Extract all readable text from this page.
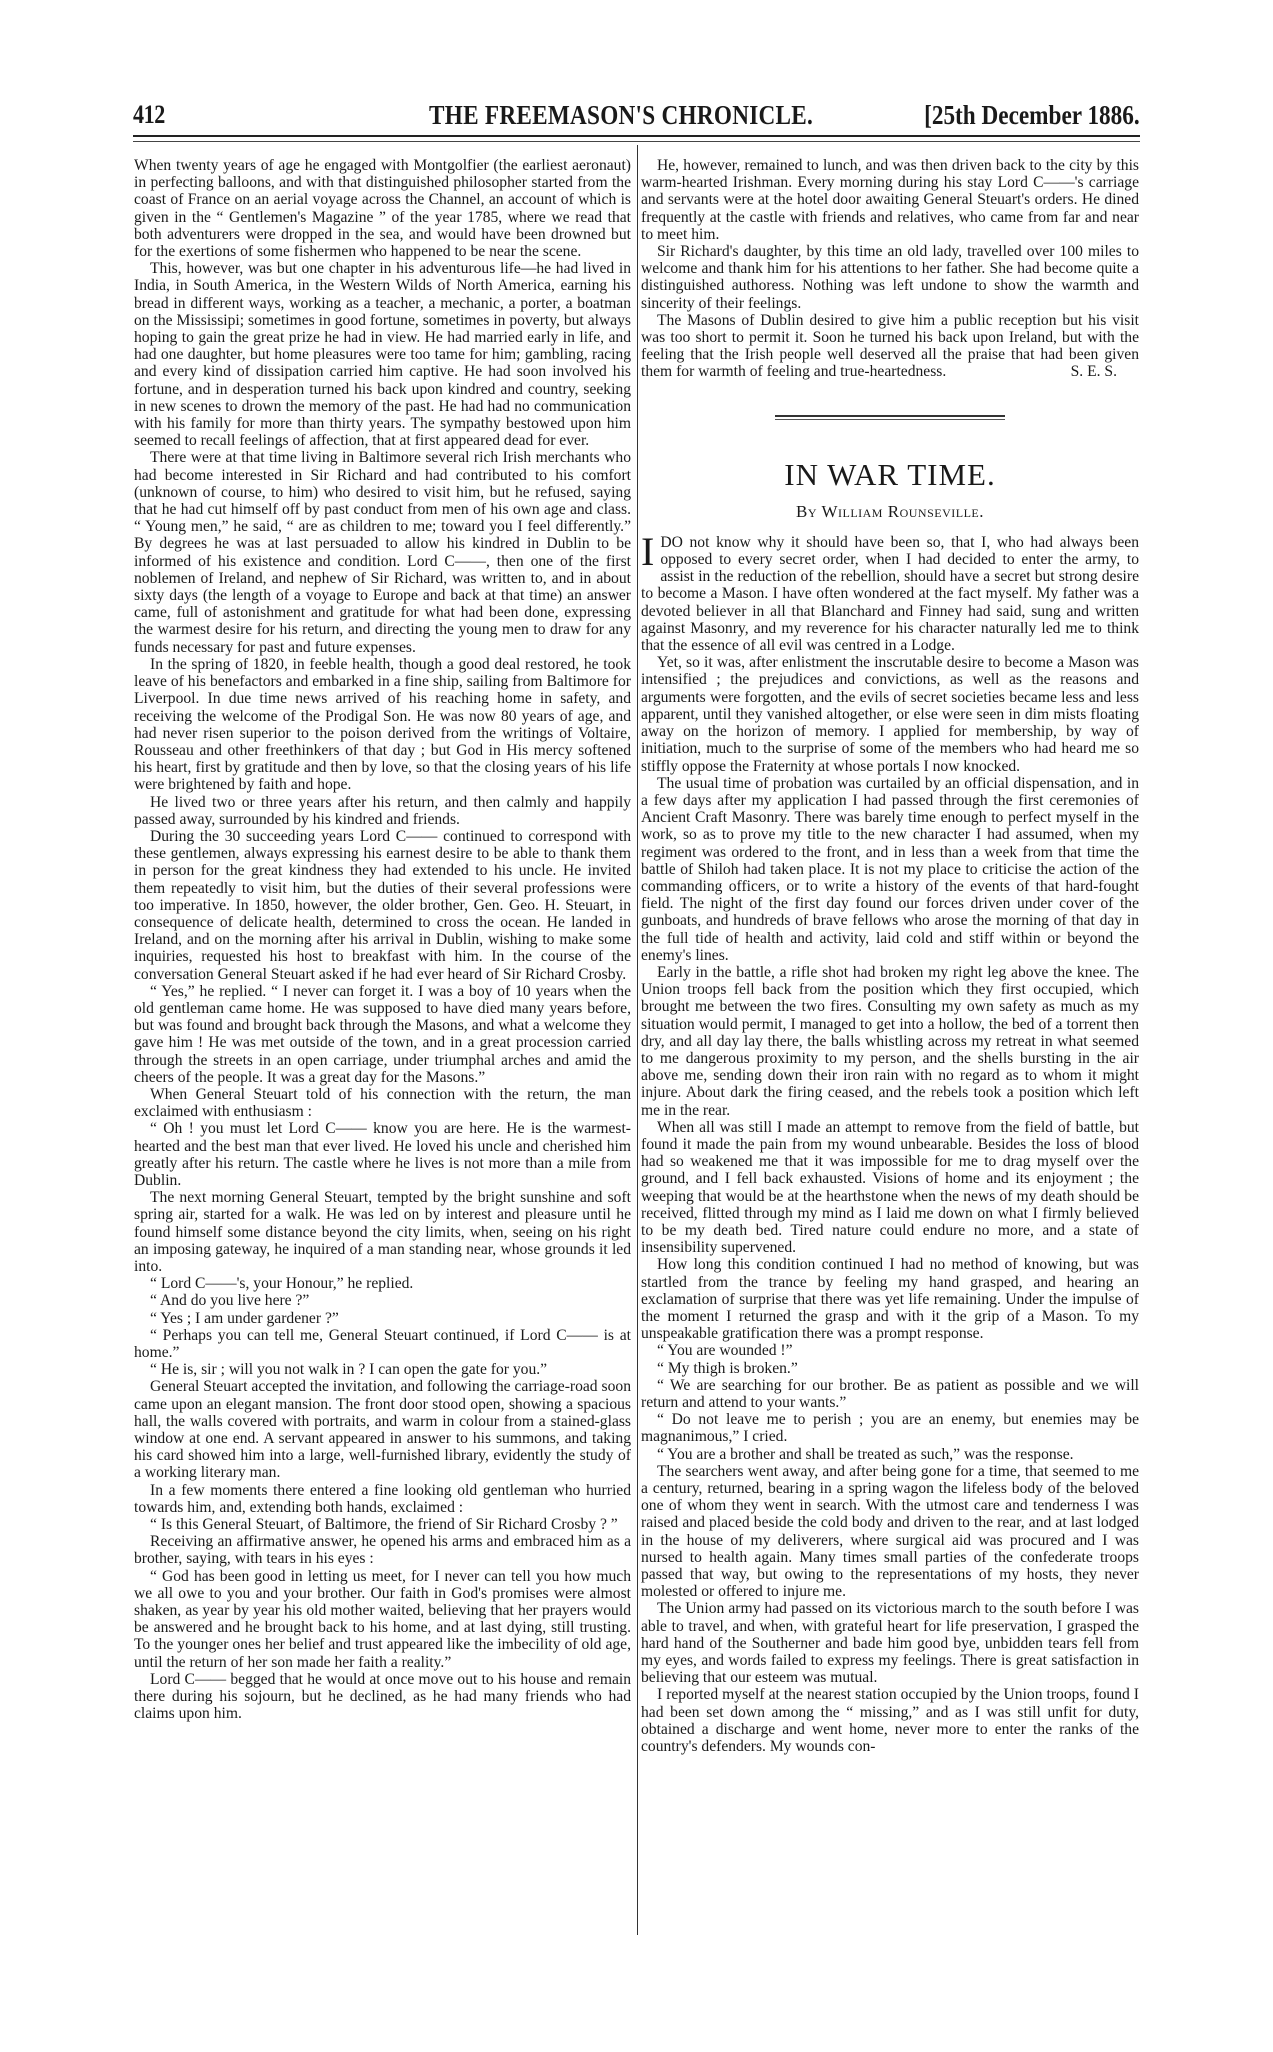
412	THE FREEMASON'S CHRONICLE.	[25th December 1886.

When twenty years of age he engaged with Montgolfier (the earliest aeronaut) in perfecting balloons, and with that distinguished philosopher started from the coast of France on an aerial voyage across the Channel, an account of which is given in the “ Gentlemen's Magazine ” of the year 1785, where we read that both adventurers were dropped in the sea, and would have been drowned but for the exertions of some fishermen who happened to be near the scene.

This, however, was but one chapter in his adventurous life—he had lived in India, in South America, in the Western Wilds of North America, earning his bread in different ways, working as a teacher, a mechanic, a porter, a boatman on the Mississipi; sometimes in good fortune, sometimes in poverty, but always hoping to gain the great prize he had in view. He had married early in life, and had one daughter, but home pleasures were too tame for him; gambling, racing and every kind of dissipation carried him captive. He had soon involved his fortune, and in desperation turned his back upon kindred and country, seeking in new scenes to drown the memory of the past. He had had no communication with his family for more than thirty years. The sympathy bestowed upon him seemed to recall feelings of affection, that at first appeared dead for ever.

There were at that time living in Baltimore several rich Irish merchants who had become interested in Sir Richard and had contributed to his comfort (unknown of course, to him) who desired to visit him, but he refused, saying that he had cut himself off by past conduct from men of his own age and class. “ Young men,” he said, “ are as children to me; toward you I feel differently.” By degrees he was at last persuaded to allow his kindred in Dublin to be informed of his existence and condition. Lord C——, then one of the first noblemen of Ireland, and nephew of Sir Richard, was written to, and in about sixty days (the length of a voyage to Europe and back at that time) an answer came, full of astonishment and gratitude for what had been done, expressing the warmest desire for his return, and directing the young men to draw for any funds necessary for past and future expenses.

In the spring of 1820, in feeble health, though a good deal restored, he took leave of his benefactors and embarked in a fine ship, sailing from Baltimore for Liverpool. In due time news arrived of his reaching home in safety, and receiving the welcome of the Prodigal Son. He was now 80 years of age, and had never risen superior to the poison derived from the writings of Voltaire, Rousseau and other freethinkers of that day ; but God in His mercy softened his heart, first by gratitude and then by love, so that the closing years of his life were brightened by faith and hope.

He lived two or three years after his return, and then calmly and happily passed away, surrounded by his kindred and friends.

During the 30 succeeding years Lord C—— continued to correspond with these gentlemen, always expressing his earnest desire to be able to thank them in person for the great kindness they had extended to his uncle. He invited them repeatedly to visit him, but the duties of their several professions were too imperative. In 1850, however, the older brother, Gen. Geo. H. Steuart, in consequence of delicate health, determined to cross the ocean. He landed in Ireland, and on the morning after his arrival in Dublin, wishing to make some inquiries, requested his host to breakfast with him. In the course of the conversation General Steuart asked if he had ever heard of Sir Richard Crosby.

“ Yes,” he replied. “ I never can forget it. I was a boy of 10 years when the old gentleman came home. He was supposed to have died many years before, but was found and brought back through the Masons, and what a welcome they gave him ! He was met outside of the town, and in a great procession carried through the streets in an open carriage, under triumphal arches and amid the cheers of the people. It was a great day for the Masons.”

When General Steuart told of his connection with the return, the man exclaimed with enthusiasm :

“ Oh ! you must let Lord C—— know you are here. He is the warmest-hearted and the best man that ever lived. He loved his uncle and cherished him greatly after his return. The castle where he lives is not more than a mile from Dublin.

The next morning General Steuart, tempted by the bright sunshine and soft spring air, started for a walk. He was led on by interest and pleasure until he found himself some distance beyond the city limits, when, seeing on his right an imposing gateway, he inquired of a man standing near, whose grounds it led into.

“ Lord C——'s, your Honour,” he replied.

“ And do you live here ?”

“ Yes ; I am under gardener ?”

“ Perhaps you can tell me, General Steuart continued, if Lord C—— is at home.”

“ He is, sir ; will you not walk in ? I can open the gate for you.”

General Steuart accepted the invitation, and following the carriage-road soon came upon an elegant mansion. The front door stood open, showing a spacious hall, the walls covered with portraits, and warm in colour from a stained-glass window at one end. A servant appeared in answer to his summons, and taking his card showed him into a large, well-furnished library, evidently the study of a working literary man.

In a few moments there entered a fine looking old gentleman who hurried towards him, and, extending both hands, exclaimed :

“ Is this General Steuart, of Baltimore, the friend of Sir Richard Crosby ? ”

Receiving an affirmative answer, he opened his arms and embraced him as a brother, saying, with tears in his eyes :

“ God has been good in letting us meet, for I never can tell you how much we all owe to you and your brother. Our faith in God's promises were almost shaken, as year by year his old mother waited, believing that her prayers would be answered and he brought back to his home, and at last dying, still trusting. To the younger ones her belief and trust appeared like the imbecility of old age, until the return of her son made her faith a reality.”

Lord C—— begged that he would at once move out to his house and remain there during his sojourn, but he declined, as he had many friends who had claims upon him.

He, however, remained to lunch, and was then driven back to the city by this warm-hearted Irishman. Every morning during his stay Lord C——'s carriage and servants were at the hotel door awaiting General Steuart's orders. He dined frequently at the castle with friends and relatives, who came from far and near to meet him.

Sir Richard's daughter, by this time an old lady, travelled over 100 miles to welcome and thank him for his attentions to her father. She had become quite a distinguished authoress. Nothing was left undone to show the warmth and sincerity of their feelings.

The Masons of Dublin desired to give him a public reception but his visit was too short to permit it. Soon he turned his back upon Ireland, but with the feeling that the Irish people well deserved all the praise that had been given them for warmth of feeling and true-heartedness.	S. E. S.
IN WAR TIME.
By William Rounseville.

IDO not know why it should have been so, that I, who had always been opposed to every secret order, when I had decided to enter the army, to assist in the reduction of the rebellion, should have a secret but strong desire to become a Mason. I have often wondered at the fact myself. My father was a devoted believer in all that Blanchard and Finney had said, sung and written against Masonry, and my reverence for his character naturally led me to think that the essence of all evil was centred in a Lodge.

Yet, so it was, after enlistment the inscrutable desire to become a Mason was intensified ; the prejudices and convictions, as well as the reasons and arguments were forgotten, and the evils of secret societies became less and less apparent, until they vanished altogether, or else were seen in dim mists floating away on the horizon of memory. I applied for membership, by way of initiation, much to the surprise of some of the members who had heard me so stiffly oppose the Fraternity at whose portals I now knocked.

The usual time of probation was curtailed by an official dispensation, and in a few days after my application I had passed through the first ceremonies of Ancient Craft Masonry. There was barely time enough to perfect myself in the work, so as to prove my title to the new character I had assumed, when my regiment was ordered to the front, and in less than a week from that time the battle of Shiloh had taken place. It is not my place to criticise the action of the commanding officers, or to write a history of the events of that hard-fought field. The night of the first day found our forces driven under cover of the gunboats, and hundreds of brave fellows who arose the morning of that day in the full tide of health and activity, laid cold and stiff within or beyond the enemy's lines.

Early in the battle, a rifle shot had broken my right leg above the knee. The Union troops fell back from the position which they first occupied, which brought me between the two fires. Consulting my own safety as much as my situation would permit, I managed to get into a hollow, the bed of a torrent then dry, and all day lay there, the balls whistling across my retreat in what seemed to me dangerous proximity to my person, and the shells bursting in the air above me, sending down their iron rain with no regard as to whom it might injure. About dark the firing ceased, and the rebels took a position which left me in the rear.

When all was still I made an attempt to remove from the field of battle, but found it made the pain from my wound unbearable. Besides the loss of blood had so weakened me that it was impossible for me to drag myself over the ground, and I fell back exhausted. Visions of home and its enjoyment ; the weeping that would be at the hearthstone when the news of my death should be received, flitted through my mind as I laid me down on what I firmly believed to be my death bed. Tired nature could endure no more, and a state of insensibility supervened.

How long this condition continued I had no method of knowing, but was startled from the trance by feeling my hand grasped, and hearing an exclamation of surprise that there was yet life remaining. Under the impulse of the moment I returned the grasp and with it the grip of a Mason. To my unspeakable gratification there was a prompt response.

“ You are wounded !”

“ My thigh is broken.”

“ We are searching for our brother. Be as patient as possible and we will return and attend to your wants.”

“ Do not leave me to perish ; you are an enemy, but enemies may be magnanimous,” I cried.

“ You are a brother and shall be treated as such,” was the response.

The searchers went away, and after being gone for a time, that seemed to me a century, returned, bearing in a spring wagon the lifeless body of the beloved one of whom they went in search. With the utmost care and tenderness I was raised and placed beside the cold body and driven to the rear, and at last lodged in the house of my deliverers, where surgical aid was procured and I was nursed to health again. Many times small parties of the confederate troops passed that way, but owing to the representations of my hosts, they never molested or offered to injure me.

The Union army had passed on its victorious march to the south before I was able to travel, and when, with grateful heart for life preservation, I grasped the hard hand of the Southerner and bade him good bye, unbidden tears fell from my eyes, and words failed to express my feelings. There is great satisfaction in believing that our esteem was mutual.

I reported myself at the nearest station occupied by the Union troops, found I had been set down among the “ missing,” and as I was still unfit for duty, obtained a discharge and went home, never more to enter the ranks of the country's defenders. My wounds con-
